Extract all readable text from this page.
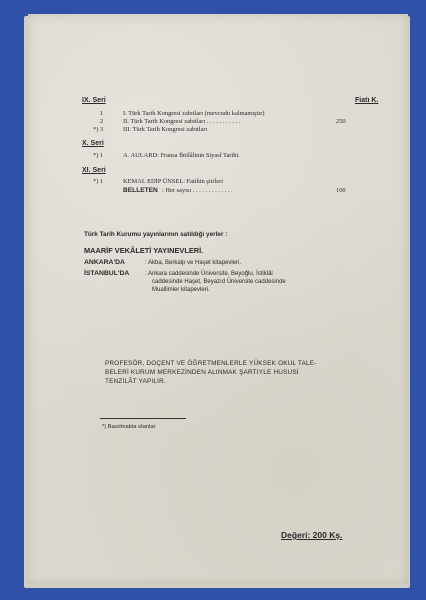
Fiatı K.
IX. Seri
1	I. Türk Tarih Kongresi zabıtları (mevcudu kalmamıştır)
2	II. Türk Tarih Kongresi zabıtları . . . . . . . . . . .	250
*) 3	III. Türk Tarih Kongresi zabıtları
X. Seri
*) 1	A. AULARD: Fransa İhtilâlinin Siyasî Tarihi.
XI. Seri
*) 1	KEMAL EDİP ÜNSEL: Fatihin şiirleri
BELLETEN : Her sayısı . . . . . . . . . . . . .	100
Türk Tarih Kurumu yayınlarının satıldığı yerler :
MAARİF VEKÂLETİ YAYINEVLERİ.
ANKARA'DA	: Akba, Berkalp ve Haşet kitapevleri.
İSTANBUL'DA	: Ankara caddesinde Üniversite, Beyoğlu, İstiklâl
caddesinde Haşet, Beyazıd Üniversite caddesinde
Muallimler kitapevleri.
PROFESÖR, DOÇENT VE ÖĞRETMENLERLE YÜKSEK OKUL TALE-
BELERİ KURUM MERKEZİNDEN ALINMAK ŞARTIYLE HUSUSİ
TENZİLÂT YAPILIR.
*) Basılmakta olanlar
Değeri: 200 Kş.
